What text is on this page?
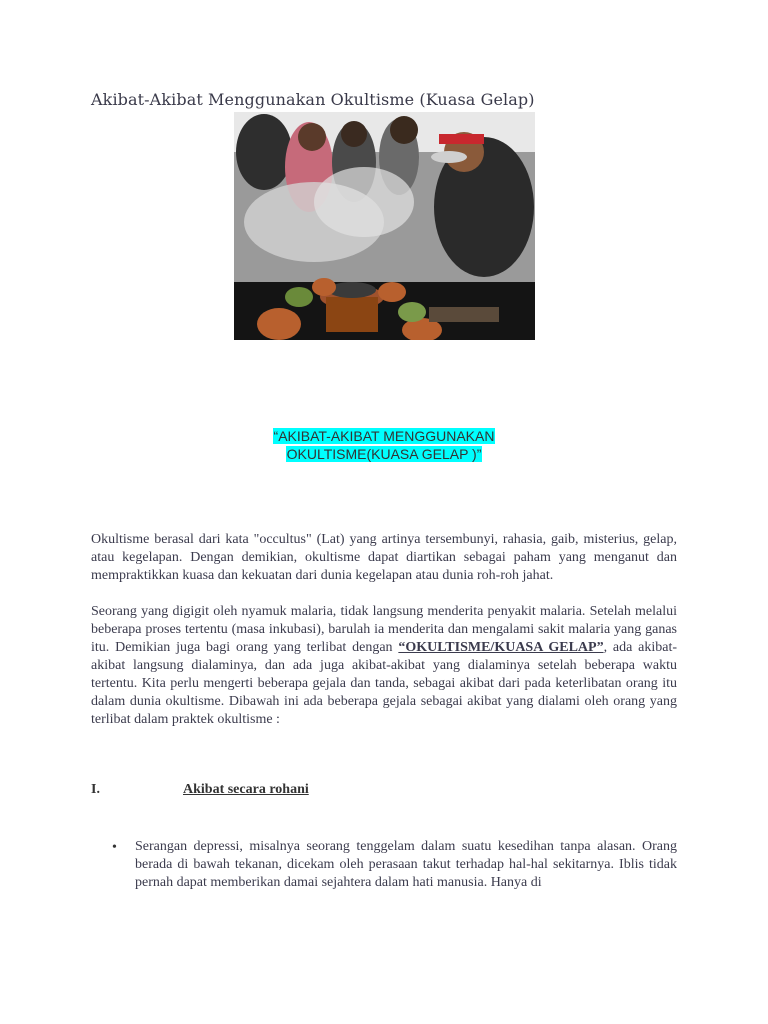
Akibat-Akibat Menggunakan Okultisme (Kuasa Gelap)
“AKIBAT-AKIBAT MENGGUNAKAN
OKULTISME(KUASA GELAP )”

Okultisme berasal dari kata "occultus" (Lat) yang artinya tersembunyi, rahasia, gaib, misterius, gelap, atau kegelapan. Dengan demikian, okultisme dapat diartikan sebagai paham yang menganut dan mempraktikkan kuasa dan kekuatan dari dunia kegelapan atau dunia roh-roh jahat.

Seorang yang digigit oleh nyamuk malaria, tidak langsung menderita penyakit malaria. Setelah melalui beberapa proses tertentu (masa inkubasi), barulah ia menderita dan mengalami sakit malaria yang ganas itu. Demikian juga bagi orang yang terlibat dengan “OKULTISME/KUASA GELAP”, ada akibat-akibat langsung dialaminya, dan ada juga akibat-akibat yang dialaminya setelah beberapa waktu tertentu. Kita perlu mengerti beberapa gejala dan tanda, sebagai akibat dari pada keterlibatan orang itu dalam dunia okultisme. Dibawah ini ada beberapa gejala sebagai akibat yang dialami oleh orang yang terlibat dalam praktek okultisme :

I.	Akibat secara rohani
• Serangan depressi, misalnya seorang tenggelam dalam suatu kesedihan tanpa alasan. Orang berada di bawah tekanan, dicekam oleh perasaan takut terhadap hal-hal sekitarnya. Iblis tidak pernah dapat memberikan damai sejahtera dalam hati manusia. Hanya di
